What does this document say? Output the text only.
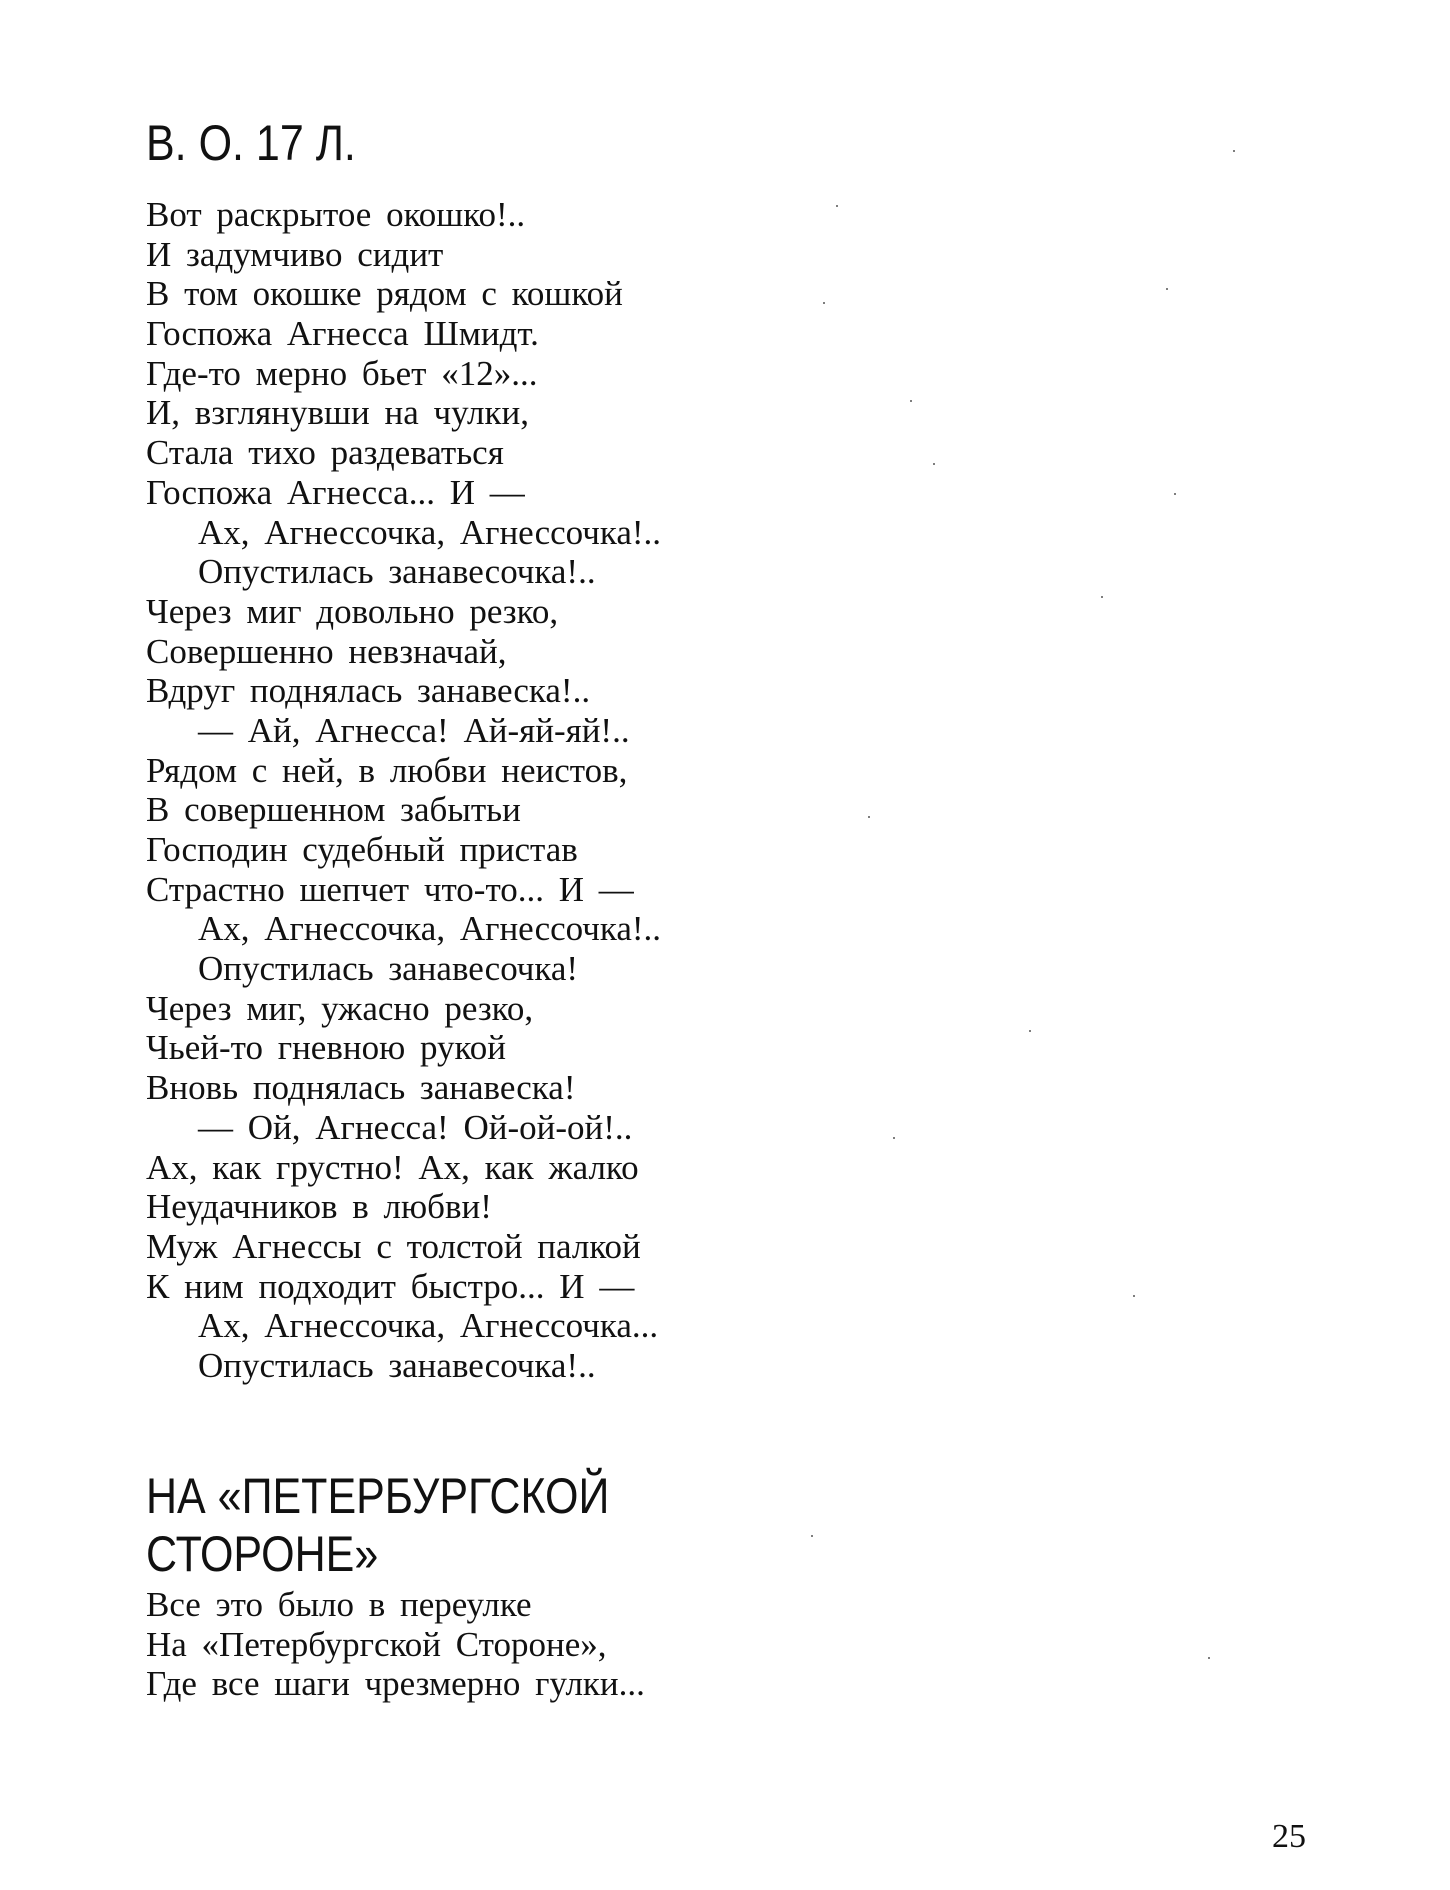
В. О. 17 Л.
Вот раскрытое окошко!..
И задумчиво сидит
В том окошке рядом с кошкой
Госпожа Агнесса Шмидт.
Где-то мерно бьет «12»...
И, взглянувши на чулки,
Стала тихо раздеваться
Госпожа Агнесса... И —
Ах, Агнессочка, Агнессочка!..
Опустилась занавесочка!..
Через миг довольно резко,
Совершенно невзначай,
Вдруг поднялась занавеска!..
— Ай, Агнесса! Ай-яй-яй!..
Рядом с ней, в любви неистов,
В совершенном забытьи
Господин судебный пристав
Страстно шепчет что-то... И —
Ах, Агнессочка, Агнессочка!..
Опустилась занавесочка!
Через миг, ужасно резко,
Чьей-то гневною рукой
Вновь поднялась занавеска!
— Ой, Агнесса! Ой-ой-ой!..
Ах, как грустно! Ах, как жалко
Неудачников в любви!
Муж Агнессы с толстой палкой
К ним подходит быстро... И —
Ах, Агнессочка, Агнессочка...
Опустилась занавесочка!..
НА «ПЕТЕРБУРГСКОЙ
СТОРОНЕ»
Все это было в переулке
На «Петербургской Стороне»,
Где все шаги чрезмерно гулки...
25
